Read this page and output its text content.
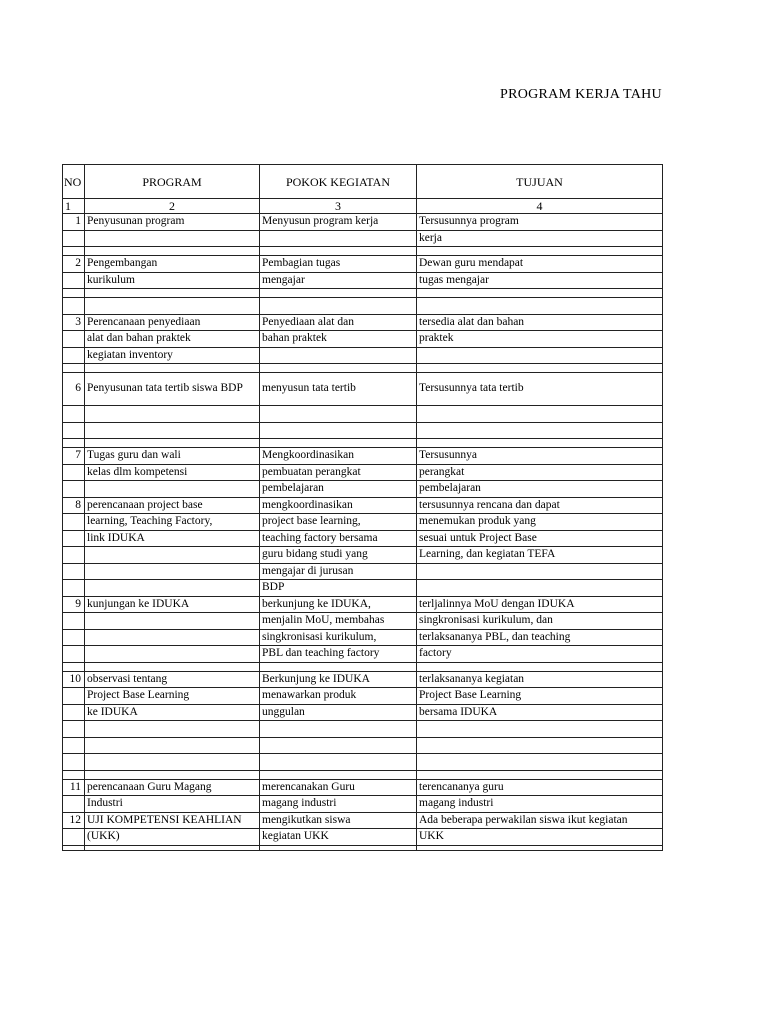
PROGRAM KERJA TAHU
NO	PROGRAM	POKOK KEGIATAN	TUJUAN
1	2	3	4
1	Penyusunan program	Menyusun program kerja	Tersusunnya program
			kerja

2	Pengembangan	Pembagian tugas	Dewan guru mendapat
	kurikulum	mengajar	tugas mengajar

3	Perencanaan penyediaan	Penyediaan alat dan	tersedia alat dan bahan
	alat dan bahan praktek	bahan praktek	praktek
	kegiatan inventory		

6	Penyusunan tata tertib siswa BDP	menyusun tata tertib	Tersusunnya tata tertib

7	Tugas guru dan wali	Mengkoordinasikan	Tersusunnya
	kelas dlm kompetensi	pembuatan perangkat	perangkat
		pembelajaran	pembelajaran
8	perencanaan project base	mengkoordinasikan	tersusunnya rencana dan dapat
	learning, Teaching Factory,	project base learning,	menemukan produk yang
	link IDUKA	teaching factory bersama	sesuai untuk Project Base
		guru bidang studi yang	Learning, dan kegiatan TEFA
		mengajar di jurusan	
		BDP	
9	kunjungan ke IDUKA	berkunjung ke IDUKA,	terljalinnya MoU dengan IDUKA
		menjalin MoU, membahas	singkronisasi kurikulum, dan
		singkronisasi kurikulum,	terlaksananya PBL, dan teaching
		PBL dan teaching factory	factory

10	observasi tentang	Berkunjung ke IDUKA	terlaksananya kegiatan
	Project Base Learning	menawarkan produk	Project Base Learning
	ke IDUKA	unggulan	bersama IDUKA

11	perencanaan Guru Magang	merencanakan Guru	terencananya guru
	Industri	magang industri	magang industri
12	UJI KOMPETENSI KEAHLIAN	mengikutkan siswa	Ada beberapa perwakilan siswa ikut kegiatan
	(UKK)	kegiatan UKK	UKK
